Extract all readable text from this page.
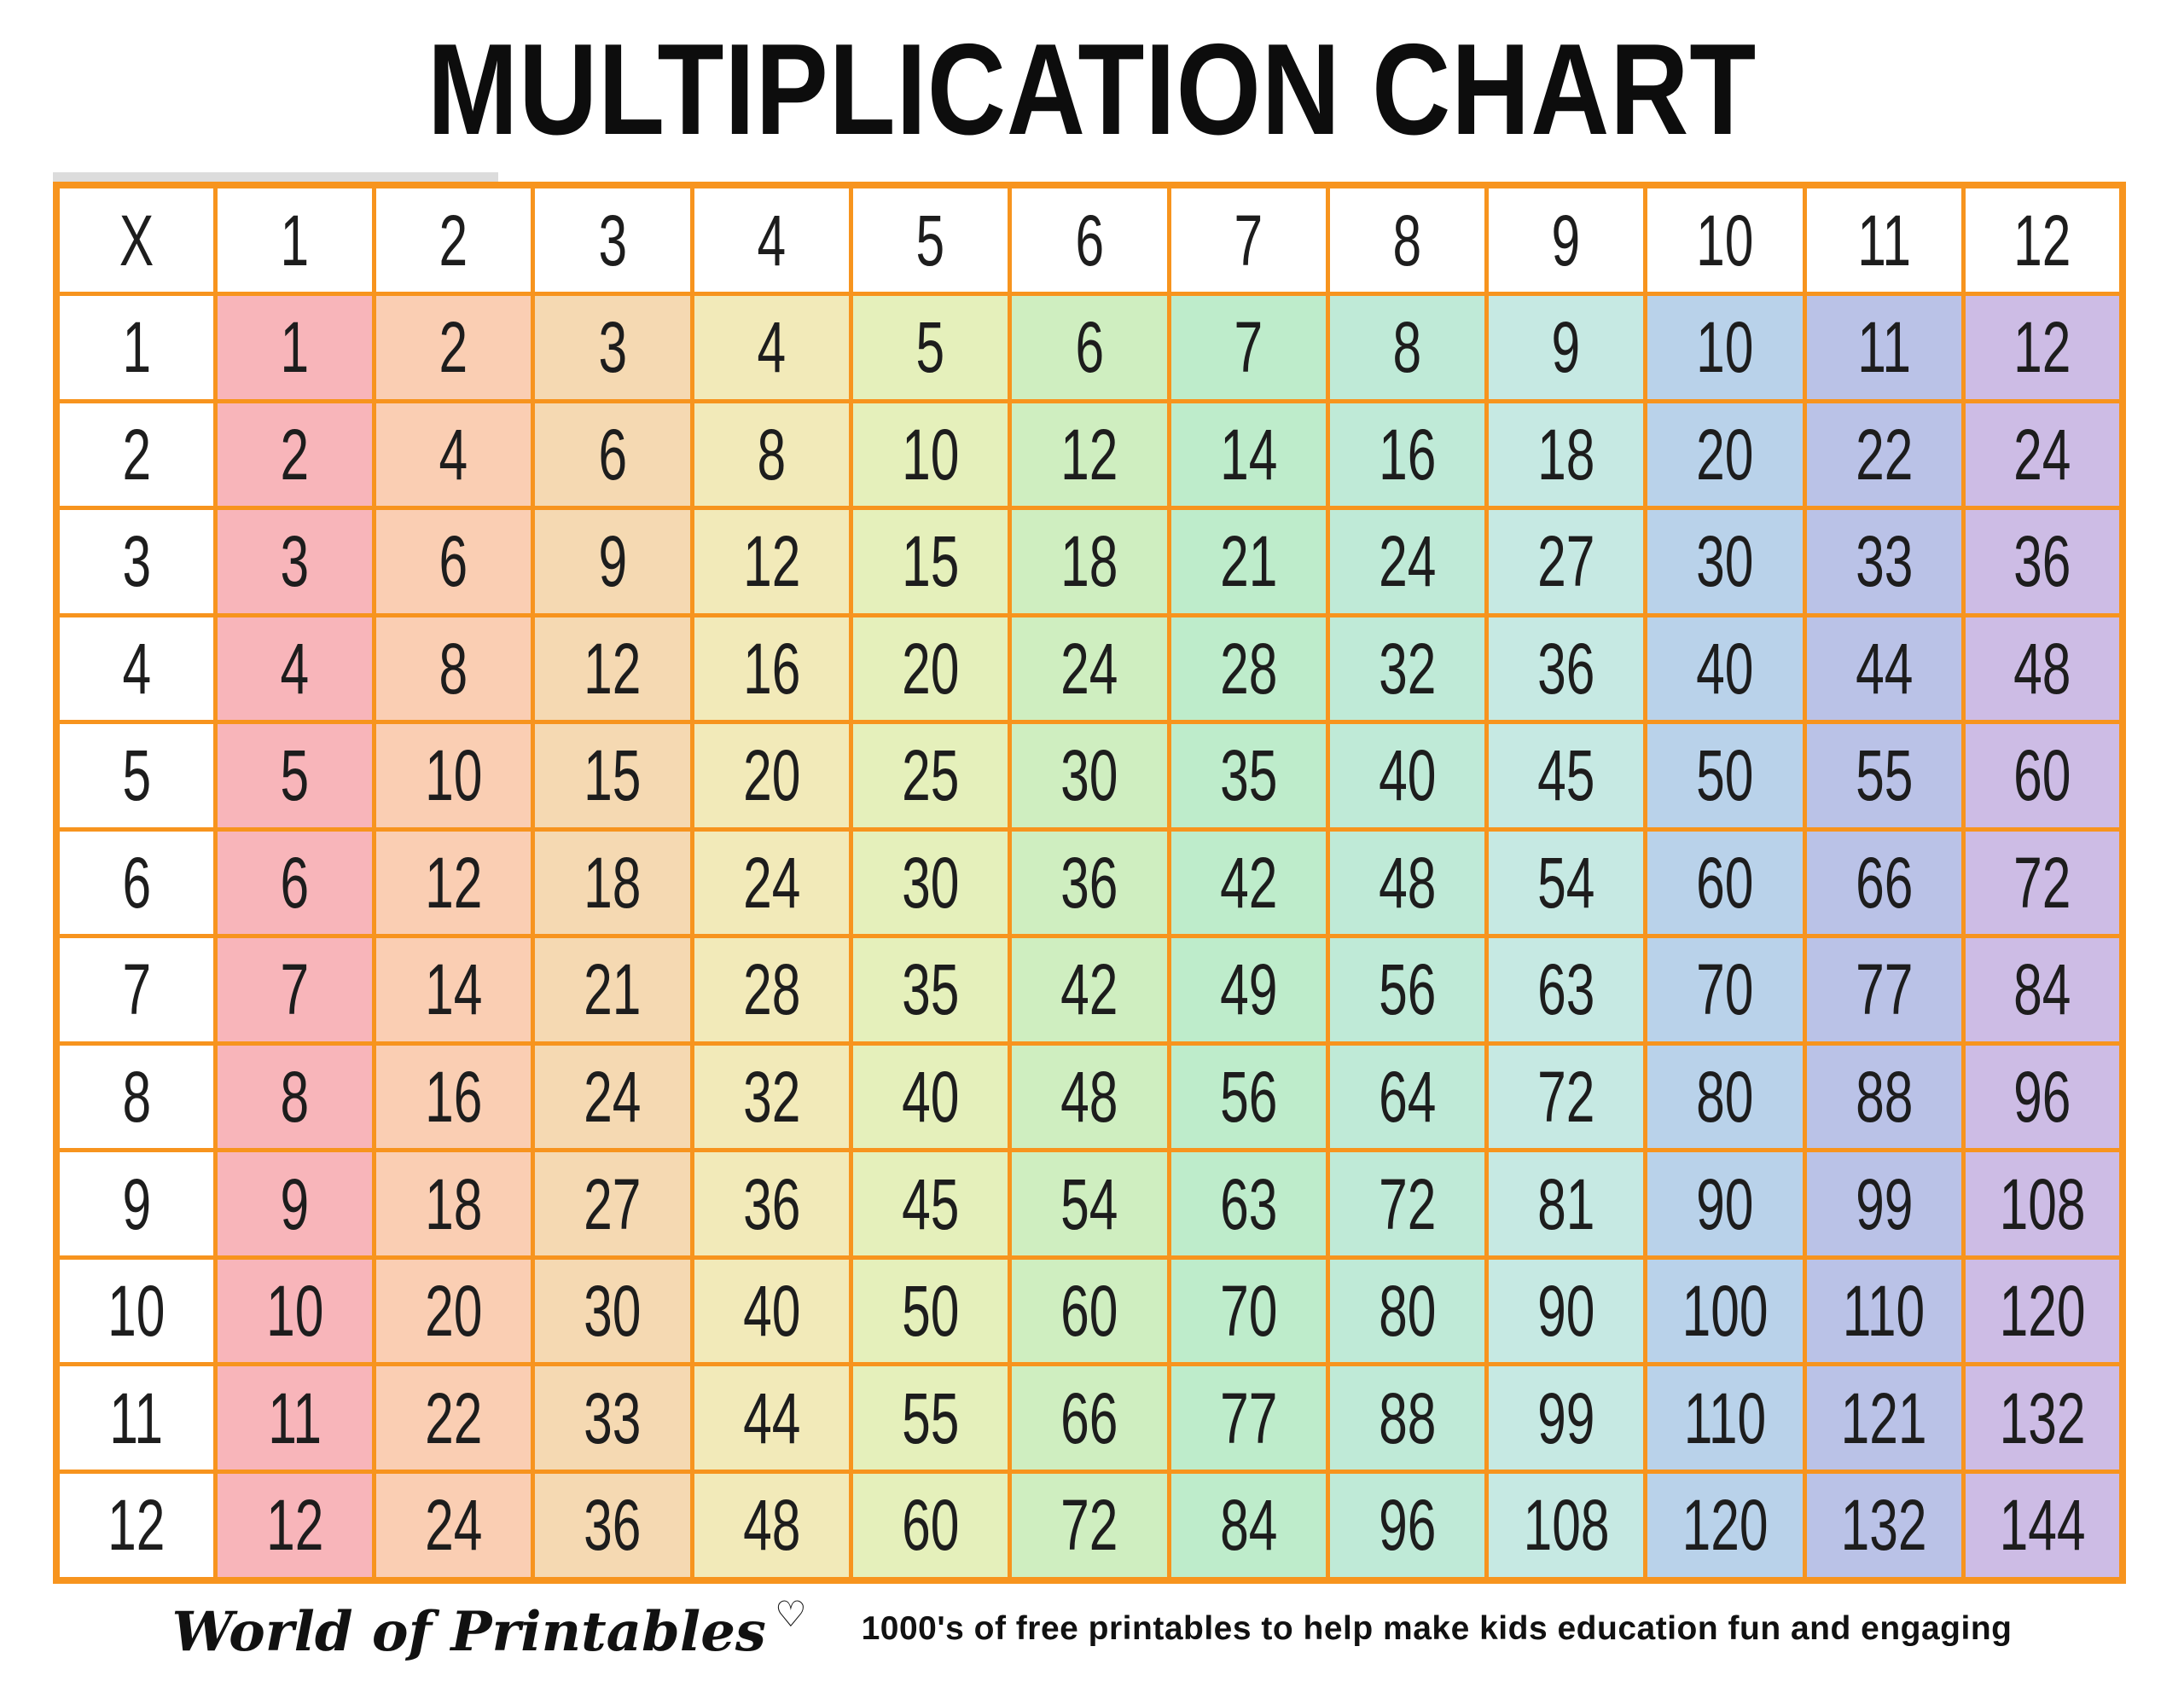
MULTIPLICATION CHART
X	1	2	3	4	5	6	7	8	9	10	11	12
1	1	2	3	4	5	6	7	8	9	10	11	12
2	2	4	6	8	10	12	14	16	18	20	22	24
3	3	6	9	12	15	18	21	24	27	30	33	36
4	4	8	12	16	20	24	28	32	36	40	44	48
5	5	10	15	20	25	30	35	40	45	50	55	60
6	6	12	18	24	30	36	42	48	54	60	66	72
7	7	14	21	28	35	42	49	56	63	70	77	84
8	8	16	24	32	40	48	56	64	72	80	88	96
9	9	18	27	36	45	54	63	72	81	90	99	108
10	10	20	30	40	50	60	70	80	90	100	110	120
11	11	22	33	44	55	66	77	88	99	110	121	132
12	12	24	36	48	60	72	84	96	108	120	132	144
World of Printables ♡ 1000's of free printables to help make kids education fun and engaging
